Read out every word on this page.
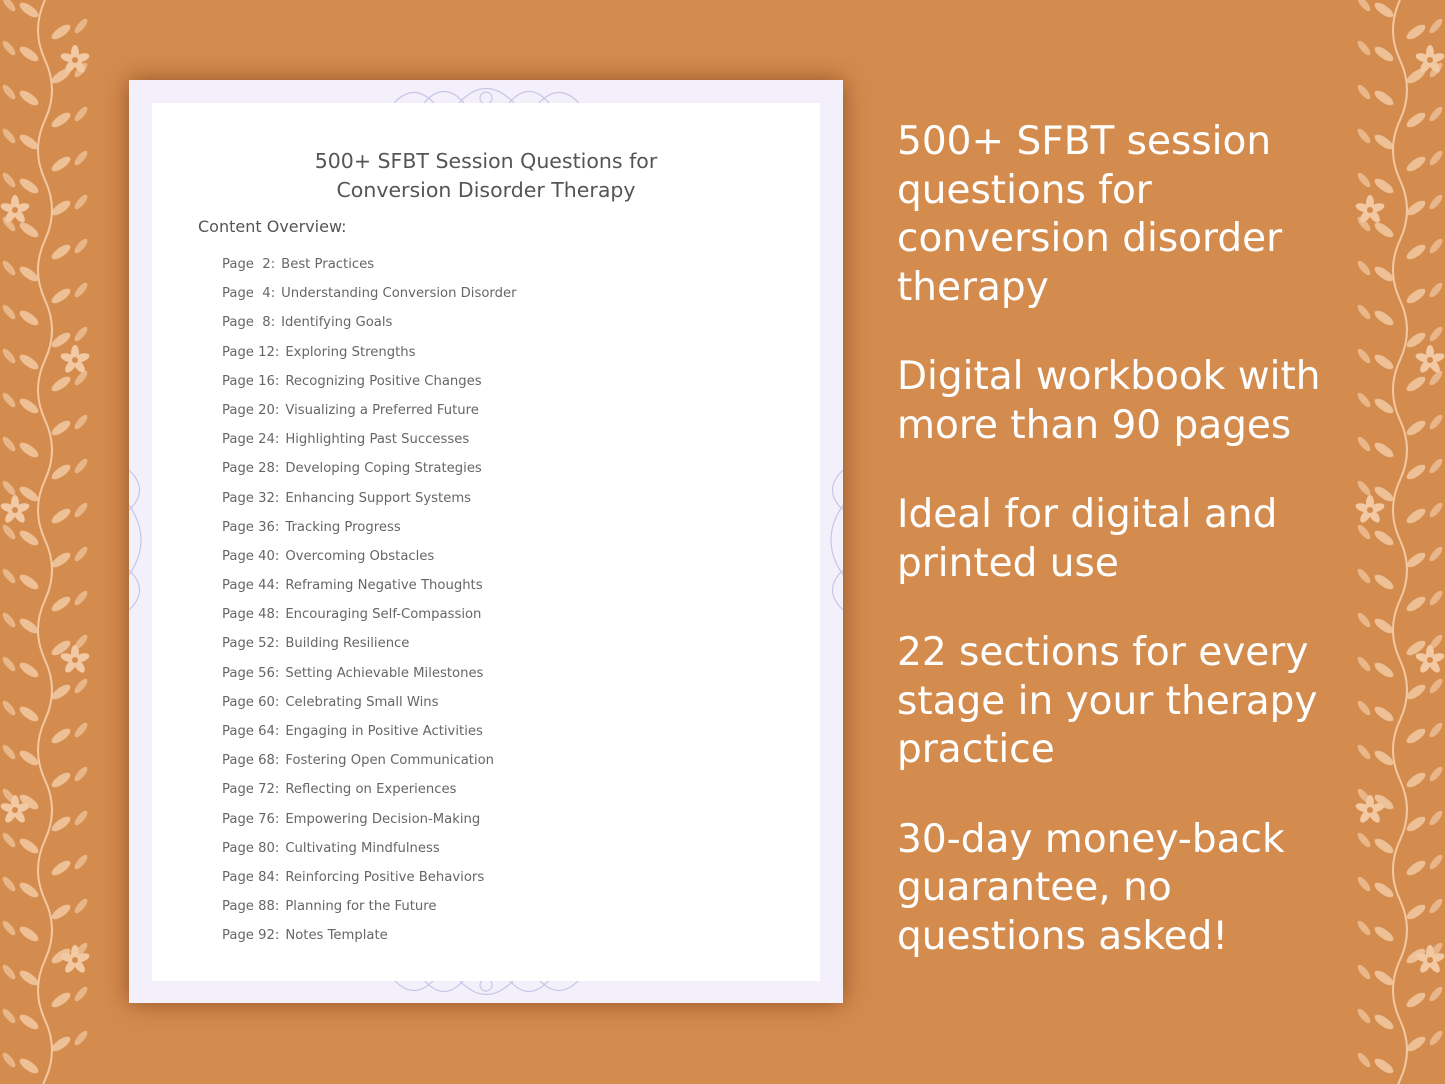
500+ SFBT Session Questions for
Conversion Disorder Therapy
Content Overview:
Page  2: Best Practices
Page  4: Understanding Conversion Disorder
Page  8: Identifying Goals
Page 12: Exploring Strengths
Page 16: Recognizing Positive Changes
Page 20: Visualizing a Preferred Future
Page 24: Highlighting Past Successes
Page 28: Developing Coping Strategies
Page 32: Enhancing Support Systems
Page 36: Tracking Progress
Page 40: Overcoming Obstacles
Page 44: Reframing Negative Thoughts
Page 48: Encouraging Self-Compassion
Page 52: Building Resilience
Page 56: Setting Achievable Milestones
Page 60: Celebrating Small Wins
Page 64: Engaging in Positive Activities
Page 68: Fostering Open Communication
Page 72: Reflecting on Experiences
Page 76: Empowering Decision-Making
Page 80: Cultivating Mindfulness
Page 84: Reinforcing Positive Behaviors
Page 88: Planning for the Future
Page 92: Notes Template
500+ SFBT session questions for conversion disorder therapy
Digital workbook with more than 90 pages
Ideal for digital and printed use
22 sections for every stage in your therapy practice
30-day money-back guarantee, no questions asked!
